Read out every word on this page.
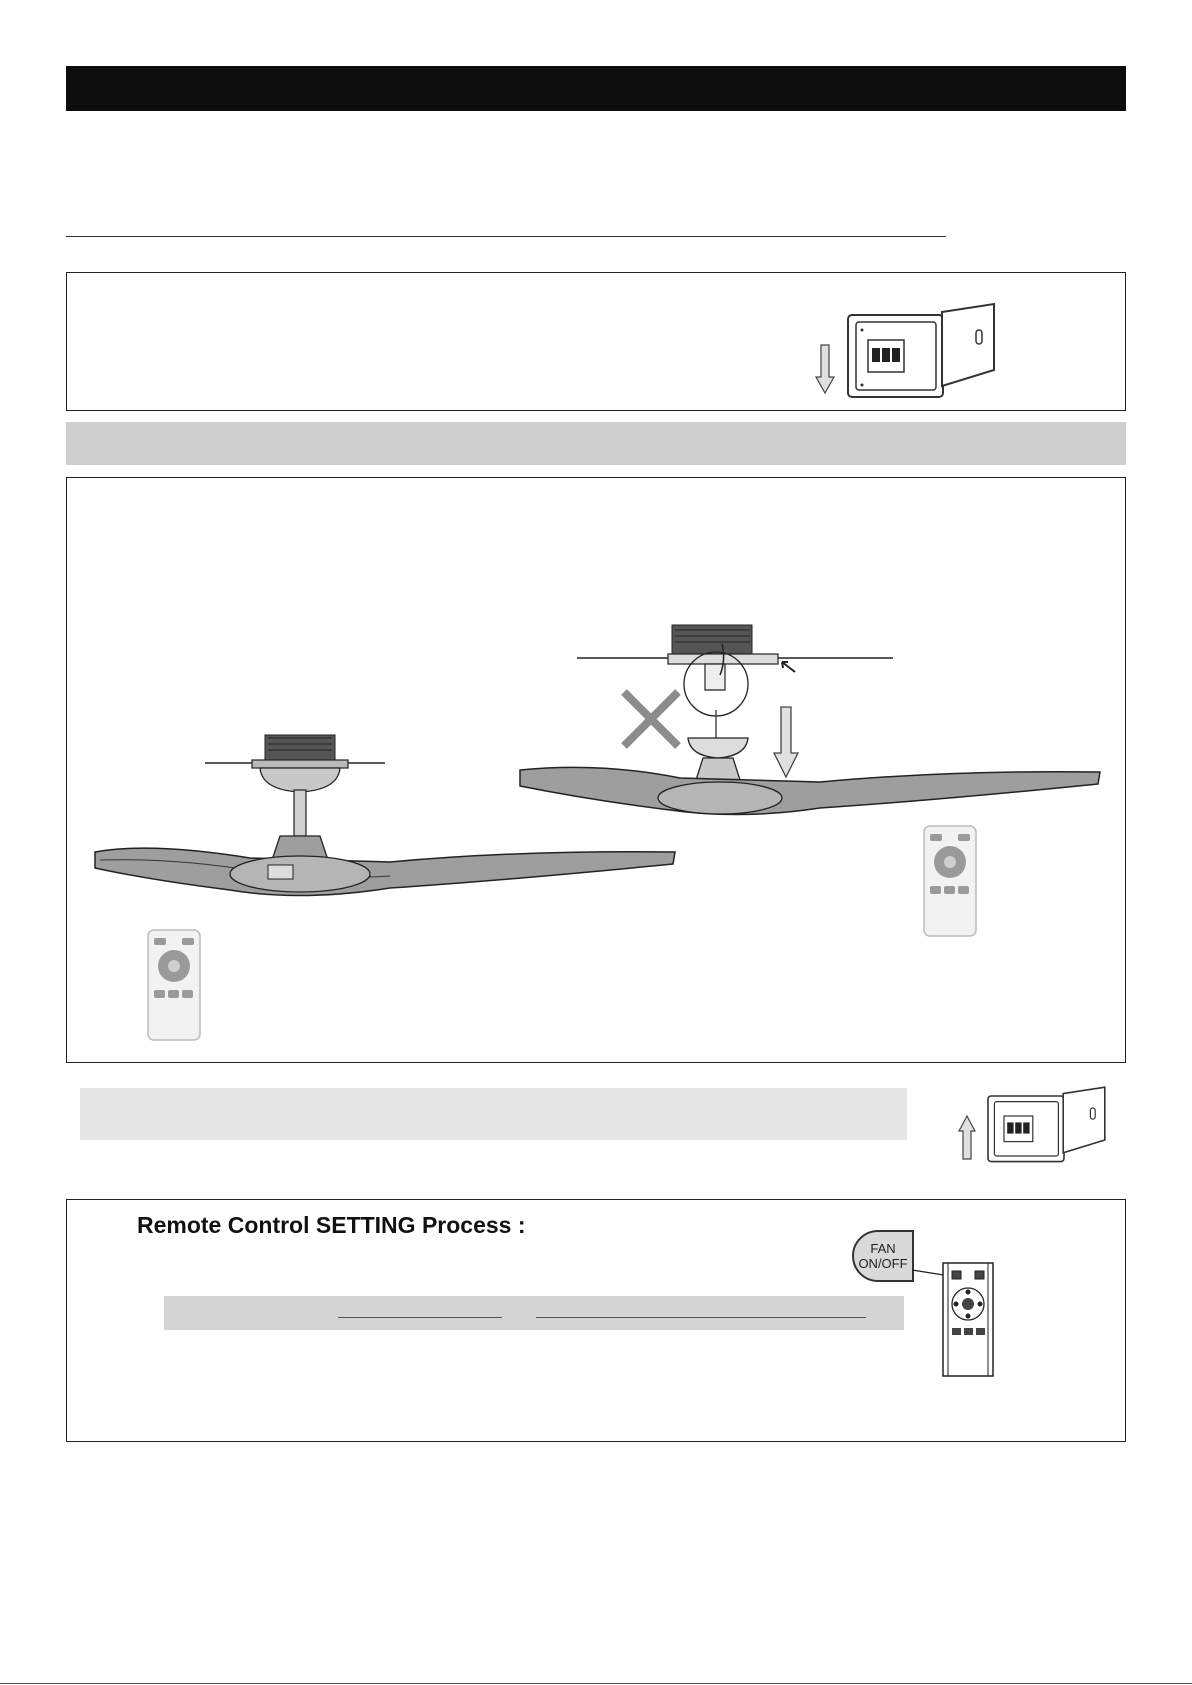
Remote Control SETTING Process :
FAN
ON/OFF
